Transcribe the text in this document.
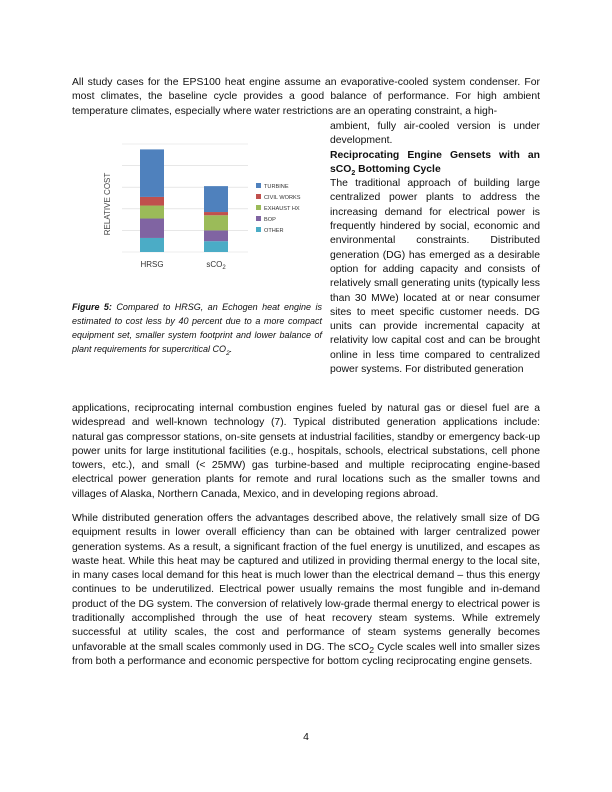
All study cases for the EPS100 heat engine assume an evaporative-cooled system condenser. For most climates, the baseline cycle provides a good balance of performance. For high ambient temperature climates, especially where water restrictions are an operating constraint, a high-

ambient, fully air-cooled version is under development.

Reciprocating Engine Gensets with an sCO$_2$ Bottoming Cycle

The traditional approach of building large centralized power plants to address the increasing demand for electrical power is frequently hindered by social, economic and environmental constraints. Distributed generation (DG) has emerged as a desirable option for adding capacity and consists of relatively small generating units (typically less than 30 MWe) located at or near consumer sites to meet specific customer needs. DG units can provide incremental capacity at relativity low capital cost and can be brought online in less time compared to centralized power systems. For distributed generation

RELATIVE COST
HRSG	sCO$_2$
TURBINE
CIVIL WORKS
EXHAUST HX
BOP
OTHER

Figure 5: Compared to HRSG, an Echogen heat engine is estimated to cost less by 40 percent due to a more compact equipment set, smaller system footprint and lower balance of plant requirements for supercritical $CO_2$.

applications, reciprocating internal combustion engines fueled by natural gas or diesel fuel are a widespread and well-known technology (7). Typical distributed generation applications include: natural gas compressor stations, on-site gensets at industrial facilities, standby or emergency back-up power units for large institutional facilities (e.g., hospitals, schools, electrical substations, cell phone towers, etc.), and small (< 25MW) gas turbine-based and multiple reciprocating engine-based electrical power generation plants for remote and rural locations such as the smaller towns and villages of Alaska, Northern Canada, Mexico, and in developing regions abroad.

While distributed generation offers the advantages described above, the relatively small size of DG equipment results in lower overall efficiency than can be obtained with larger centralized power generation systems. As a result, a significant fraction of the fuel energy is unutilized, and escapes as waste heat. While this heat may be captured and utilized in providing thermal energy to the local site, in many cases local demand for this heat is much lower than the electrical demand – thus this energy continues to be underutilized. Electrical power usually remains the most fungible and in-demand product of the DG system. The conversion of relatively low-grade thermal energy to electrical power is traditionally accomplished through the use of heat recovery steam systems. While extremely successful at utility scales, the cost and performance of steam systems generally becomes unfavorable at the small scales commonly used in DG. The sCO$_2$ Cycle scales well into smaller sizes from both a performance and economic perspective for bottom cycling reciprocating engine gensets.

4
